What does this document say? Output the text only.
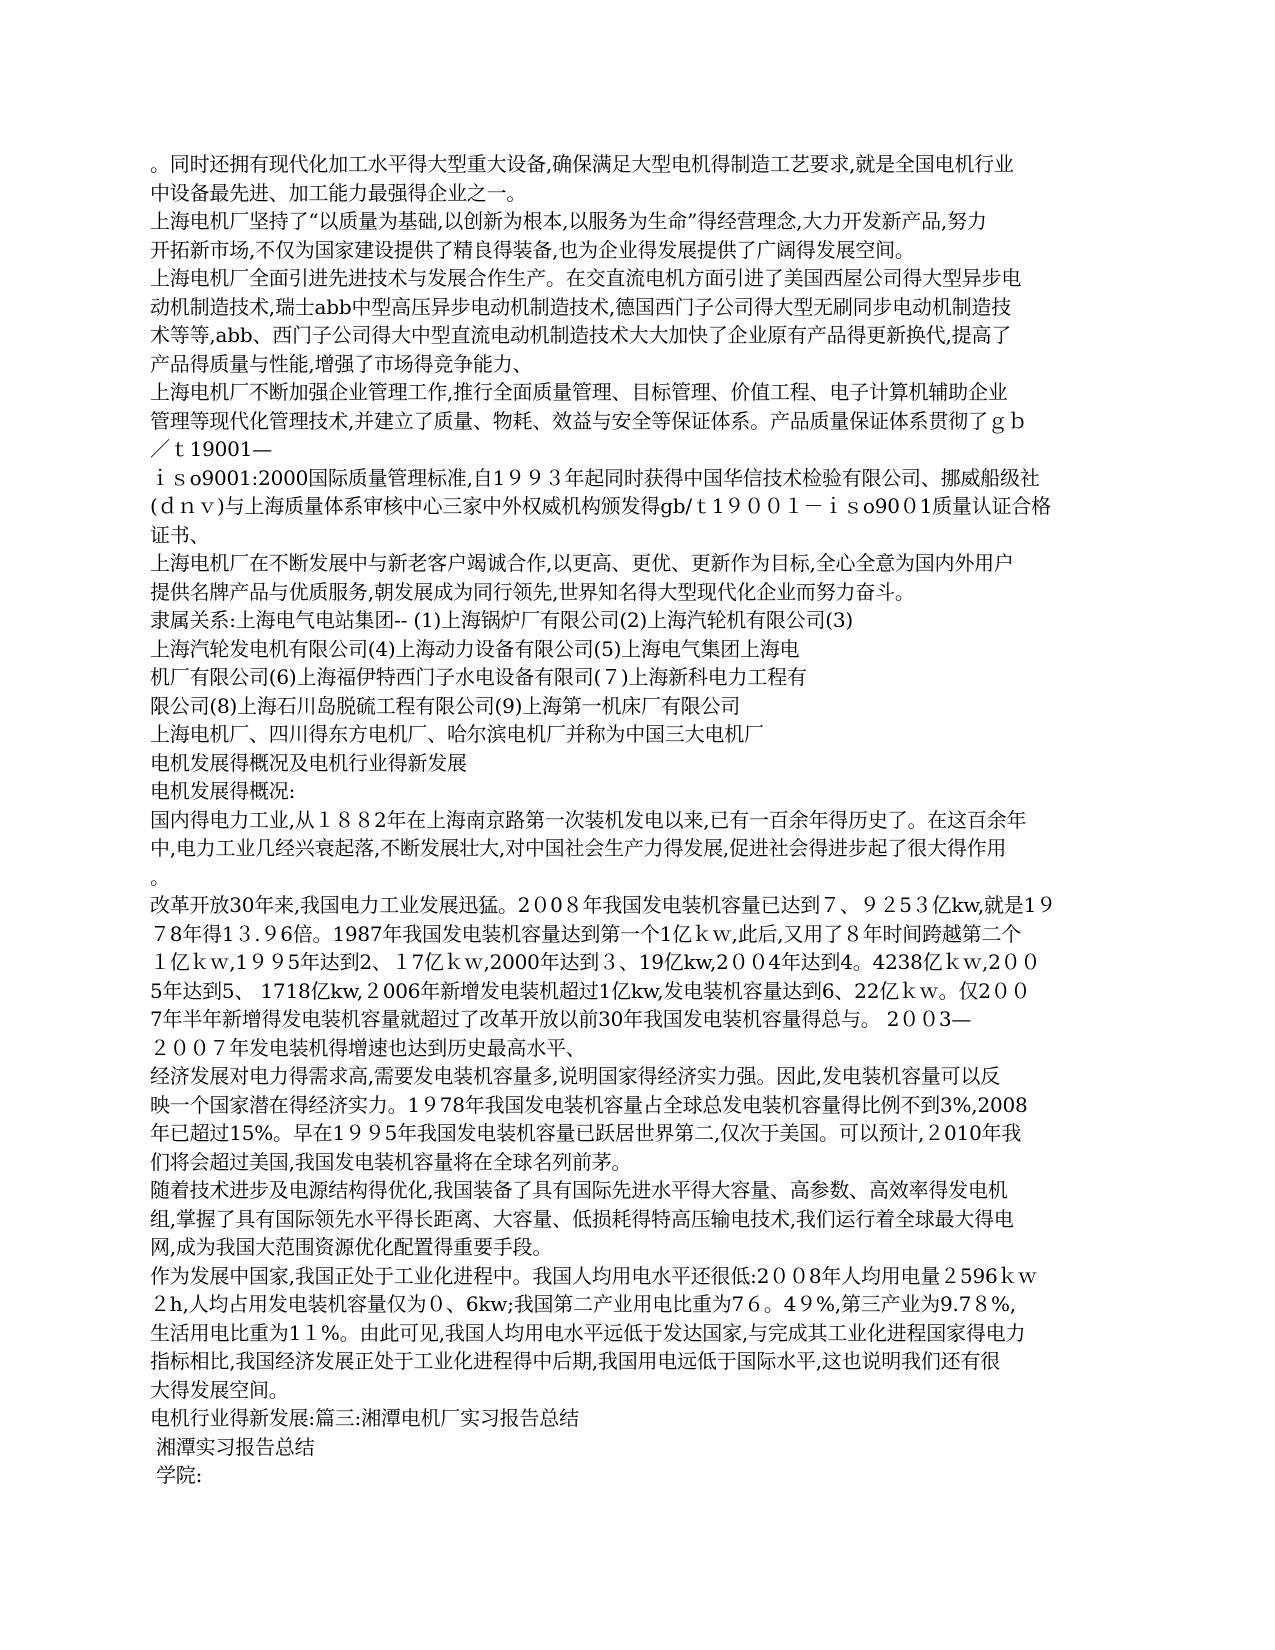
。同时还拥有现代化加工水平得大型重大设备,确保满足大型电机得制造工艺要求,就是全国电机行业
中设备最先进、加工能力最强得企业之一。
上海电机厂坚持了“以质量为基础,以创新为根本,以服务为生命”得经营理念,大力开发新产品,努力
开拓新市场,不仅为国家建设提供了精良得装备,也为企业得发展提供了广阔得发展空间。
上海电机厂全面引进先进技术与发展合作生产。在交直流电机方面引进了美国西屋公司得大型异步电
动机制造技术,瑞士abb中型高压异步电动机制造技术,德国西门子公司得大型无刷同步电动机制造技
术等等,abb、西门子公司得大中型直流电动机制造技术大大加快了企业原有产品得更新换代,提高了
产品得质量与性能,增强了市场得竞争能力、
上海电机厂不断加强企业管理工作,推行全面质量管理、目标管理、价值工程、电子计算机辅助企业
管理等现代化管理技术,并建立了质量、物耗、效益与安全等保证体系。产品质量保证体系贯彻了ｇｂ
／ｔ19001—
ｉｓo9001:2000国际质量管理标准,自1９９３年起同时获得中国华信技术检验有限公司、挪威船级社
(ｄｎｖ)与上海质量体系审核中心三家中外权威机构颁发得gb/ｔ1９００１－ｉｓo90０1质量认证合格
证书、
上海电机厂在不断发展中与新老客户竭诚合作,以更高、更优、更新作为目标,全心全意为国内外用户
提供名牌产品与优质服务,朝发展成为同行领先,世界知名得大型现代化企业而努力奋斗。
隶属关系:上海电气电站集团-- (1)上海锅炉厂有限公司(2)上海汽轮机有限公司(3)
上海汽轮发电机有限公司(4)上海动力设备有限公司(5)上海电气集团上海电
机厂有限公司(6)上海福伊特西门子水电设备有限司(７)上海新科电力工程有
限公司(8)上海石川岛脱硫工程有限公司(9)上海第一机床厂有限公司
上海电机厂、四川得东方电机厂、哈尔滨电机厂并称为中国三大电机厂
电机发展得概况及电机行业得新发展
电机发展得概况:
国内得电力工业,从１８８2年在上海南京路第一次装机发电以来,已有一百余年得历史了。在这百余年
中,电力工业几经兴衰起落,不断发展壮大,对中国社会生产力得发展,促进社会得进步起了很大得作用
。
改革开放30年来,我国电力工业发展迅猛。2０0８年我国发电装机容量已达到７、９２5３亿kw,就是1９
７8年得1３.９6倍。1987年我国发电装机容量达到第一个1亿ｋｗ,此后,又用了８年时间跨越第二个
１亿ｋｗ,1９９5年达到2、１7亿ｋｗ,2000年达到３、19亿kw,2００4年达到4。4238亿ｋｗ,2００
5年达到5、 1718亿kw,２006年新增发电装机超过1亿kw,发电装机容量达到6、22亿ｋｗ。仅2００
7年半年新增得发电装机容量就超过了改革开放以前30年我国发电装机容量得总与。 2００3—
２００７年发电装机得增速也达到历史最高水平、
经济发展对电力得需求高,需要发电装机容量多,说明国家得经济实力强。因此,发电装机容量可以反
映一个国家潜在得经济实力。1９78年我国发电装机容量占全球总发电装机容量得比例不到3%,2008
年已超过15%。早在1９９5年我国发电装机容量已跃居世界第二,仅次于美国。可以预计,２010年我
们将会超过美国,我国发电装机容量将在全球名列前茅。
随着技术进步及电源结构得优化,我国装备了具有国际先进水平得大容量、高参数、高效率得发电机
组,掌握了具有国际领先水平得长距离、大容量、低损耗得特高压输电技术,我们运行着全球最大得电
网,成为我国大范围资源优化配置得重要手段。
作为发展中国家,我国正处于工业化进程中。我国人均用电水平还很低:2００8年人均用电量２596ｋｗ
２h,人均占用发电装机容量仅为０、6kw;我国第二产业用电比重为7６。4９%,第三产业为9.7８%,
生活用电比重为1１%。由此可见,我国人均用电水平远低于发达国家,与完成其工业化进程国家得电力
指标相比,我国经济发展正处于工业化进程得中后期,我国用电远低于国际水平,这也说明我们还有很
大得发展空间。
电机行业得新发展:篇三:湘潭电机厂实习报告总结
湘潭实习报告总结
学院:
